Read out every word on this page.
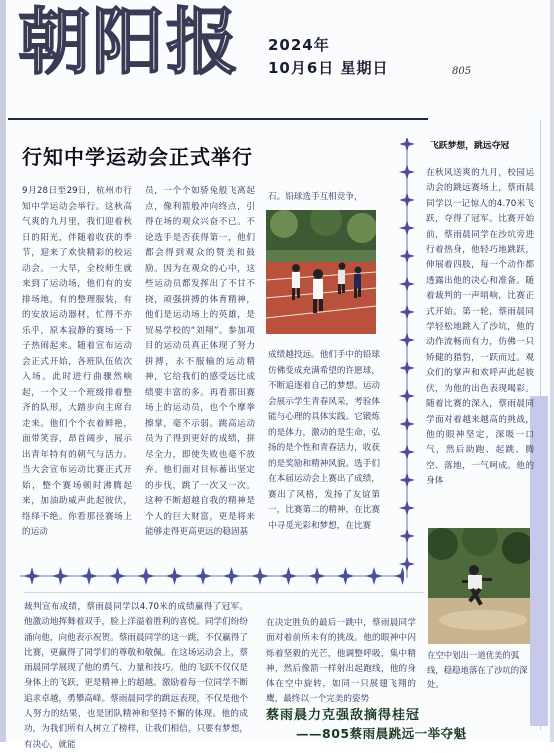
朝阳报 2024年
10月6日 星期日	805
行知中学运动会正式举行

9月28日至29日，杭州市行知中学运动会举行。这秋高气爽的九月里，我们迎着秋日的阳光，伴随着收获的季节，迎来了欢快精彩的校运动会。一大早，全校师生就来到了运动场，他们有的安排场地，有的整理服装，有的安放运动器材，忙得不亦乐乎，原本寂静的赛场一下子热闹起来。随着宣布运动会正式开始，各班队伍依次入场。此时进行曲骤然响起，一个又一个班级排着整齐的队形，大踏步向主席台走来。他们个个衣着鲜艳，面带笑容，昂首阔步，展示出青年特有的朝气与活力。当大会宣布运动比赛正式开始，整个赛场顿时沸腾起来，加油助威声此起彼伏，络绎不绝。你看那径赛场上的运动

员，一个个如骄兔般飞离起点，像利箭般冲向终点，引得在场的观众兴奋不已。不论选手是否获得第一，他们都会得到观众的赞美和鼓励。因为在观众的心中，这些运动员都发挥出了不甘不挠，顽强拼搏的体育精神，他们是运动场上的英雄，是贸易学校的“刘翔”。参加项目的运动员真正体现了努力拼搏，永不服输的运动精神，它给我们的感受远比成绩要丰富的多。再看那田赛场上的运动员，也个个摩拳擦掌，毫不示弱。跳高运动员为了得到更好的成绩，拼尽全力，即使失败也毫不放弃。他们面对目标蓄出坚定的步伐，跳了一次又一次。这种不断超越自我的精神是个人的巨大财富，更是将来能够走得更高更远的稳固基

石。铅球选手互相竞争，

成绩越投远。他们手中的铅球仿佛变成充满希望的许愿球，不断追逐着自己的梦想。运动会展示学生青春风采，考验体能与心理的具体实践。它锻炼的是体力，激动的是生命，弘扬的是个性和青春活力，收获的是奖励和精神风貌。选手们在本届运动会上赛出了成绩，赛出了风格，发扬了友谊第一，比赛第二的精神，在比赛中寻觅光彩和梦想，在比赛

飞跃梦想，跳远夺冠

在秋风送爽的九月，校园运动会的跳远赛场上，蔡雨晨同学以一记惊人的4.70米飞跃，夺得了冠军。比赛开始前，蔡雨晨同学在沙坑旁进行着热身，他轻巧地跳跃，伸展着四肢，每一个动作都透露出他的决心和准备。随着裁判的一声哨响，比赛正式开始。第一轮，蔡雨晨同学轻松地跳入了沙坑，他的动作流畅而有力，仿佛一只矫健的猎豹，一跃而过。观众们的掌声和欢呼声此起彼伏，为他的出色表现喝彩。随着比赛的深入，蔡雨晨同学面对着越来越高的挑战，他的眼神坚定，深吸一口气，然后助跑、起跳、腾空、落地，一气呵成。他的身体

在空中划出一道优美的弧线，稳稳地落在了沙坑的深处。

裁判宣布成绩，蔡雨晨同学以4.70米的成绩赢得了冠军。他激动地挥舞着双手，脸上洋溢着胜利的喜悦。同学们纷纷涌向他，向他表示祝贺。蔡雨晨同学的这一跳，不仅赢得了比赛，更赢得了同学们的尊敬和敬佩。在这场运动会上，蔡雨晨同学展现了他的勇气、力量和技巧。他的飞跃不仅仅是身体上的飞跃，更是精神上的超越。激励着每一位同学不断追求卓越，勇攀高峰。蔡雨晨同学的跳远表现，不仅是他个人努力的结果，也是团队精神和坚持不懈的体现。他的成功，为我们所有人树立了榜样，让我们相信，只要有梦想，有决心，就能

在决定胜负的最后一跳中，蔡雨晨同学面对着前所未有的挑战。他的眼神中闪烁着坚毅的光芒，他调整呼吸，集中精神，然后像箭一样射出起跑线，他的身体在空中旋转，如同一只展翅飞翔的鹰，最终以一个完美的姿势

蔡雨晨力克强敌摘得桂冠
——805蔡雨晨跳远一举夺魁
